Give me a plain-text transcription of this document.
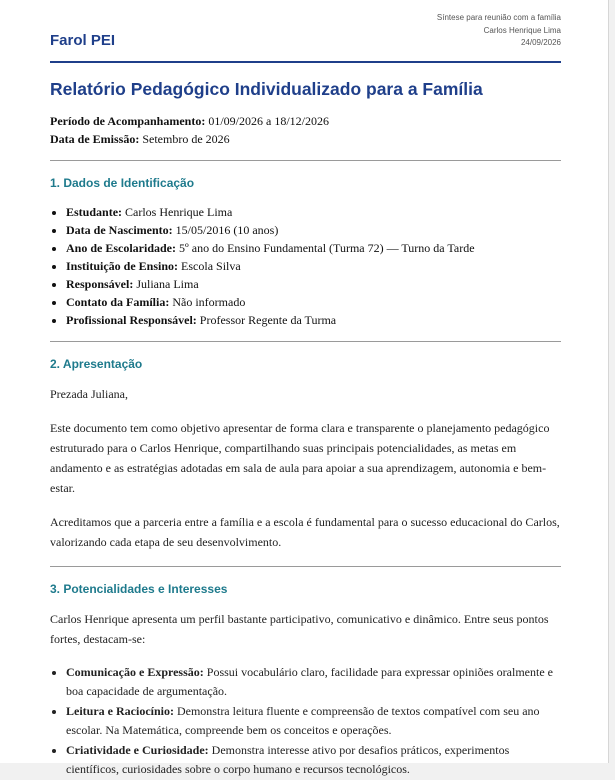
Farol PEI
Síntese para reunião com a família
Carlos Henrique Lima
24/09/2026
Relatório Pedagógico Individualizado para a Família

Período de Acompanhamento: 01/09/2026 a 18/12/2026

Data de Emissão: Setembro de 2026

1. Dados de Identificação
• Estudante: Carlos Henrique Lima
• Data de Nascimento: 15/05/2016 (10 anos)
• Ano de Escolaridade: 5º ano do Ensino Fundamental (Turma 72) — Turno da Tarde
• Instituição de Ensino: Escola Silva
• Responsável: Juliana Lima
• Contato da Família: Não informado
• Profissional Responsável: Professor Regente da Turma
2. Apresentação

Prezada Juliana,

Este documento tem como objetivo apresentar de forma clara e transparente o planejamento pedagógico estruturado para o Carlos Henrique, compartilhando suas principais potencialidades, as metas em andamento e as estratégias adotadas em sala de aula para apoiar a sua aprendizagem, autonomia e bem-estar.

Acreditamos que a parceria entre a família e a escola é fundamental para o sucesso educacional do Carlos, valorizando cada etapa de seu desenvolvimento.

3. Potencialidades e Interesses

Carlos Henrique apresenta um perfil bastante participativo, comunicativo e dinâmico. Entre seus pontos fortes, destacam-se:

• Comunicação e Expressão: Possui vocabulário claro, facilidade para expressar opiniões oralmente e boa capacidade de argumentação.
• Leitura e Raciocínio: Demonstra leitura fluente e compreensão de textos compatível com seu ano escolar. Na Matemática, compreende bem os conceitos e operações.
• Criatividade e Curiosidade: Demonstra interesse ativo por desafios práticos, experimentos científicos, curiosidades sobre o corpo humano e recursos tecnológicos.
